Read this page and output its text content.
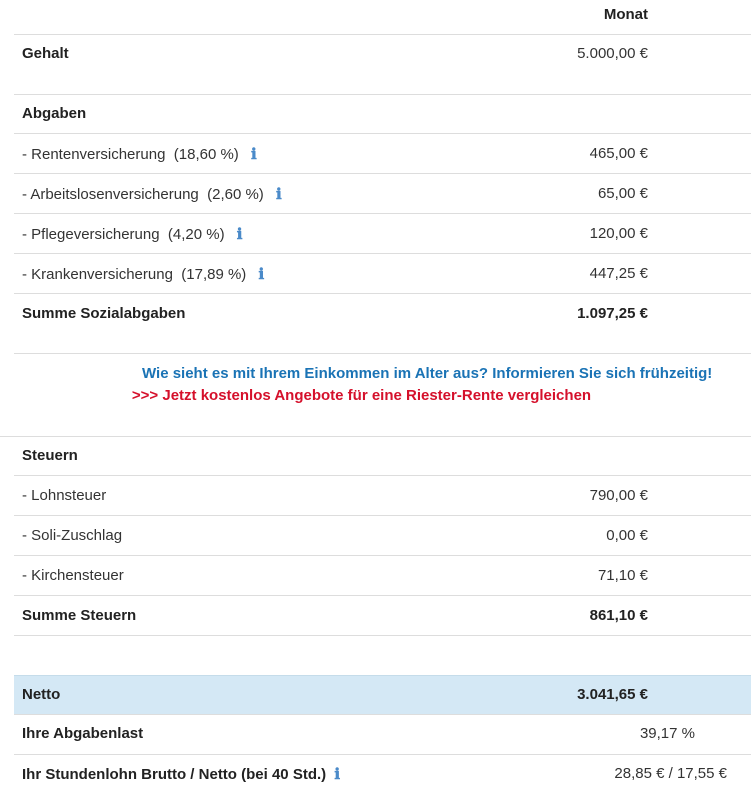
Monat
Gehalt	5.000,00 €
Abgaben
- Rentenversicherung (18,60 %) ℹ	465,00 €
- Arbeitslosenversicherung (2,60 %) ℹ	65,00 €
- Pflegeversicherung (4,20 %) ℹ	120,00 €
- Krankenversicherung (17,89 %) ℹ	447,25 €
Summe Sozialabgaben	1.097,25 €
Wie sieht es mit Ihrem Einkommen im Alter aus? Informieren Sie sich frühzeitig!
>>> Jetzt kostenlos Angebote für eine Riester-Rente vergleichen
Steuern
- Lohnsteuer	790,00 €
- Soli-Zuschlag	0,00 €
- Kirchensteuer	71,10 €
Summe Steuern	861,10 €
Netto	3.041,65 €
Ihre Abgabenlast	39,17 %
Ihr Stundenlohn Brutto / Netto (bei 40 Std.) ℹ	28,85 € / 17,55 €
